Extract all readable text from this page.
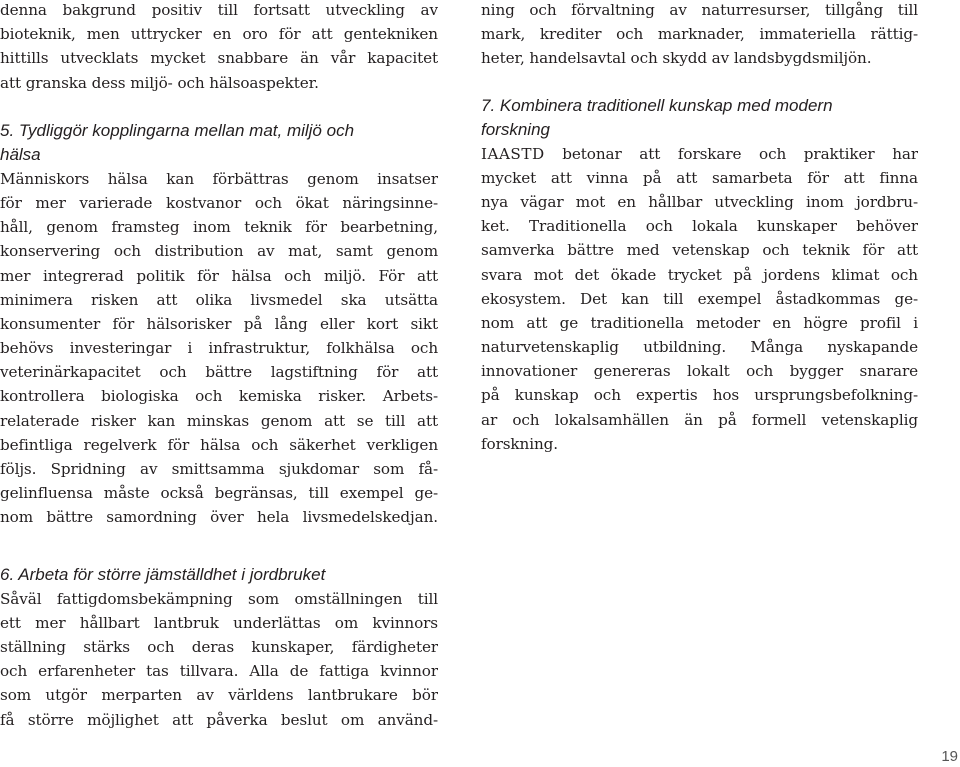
denna bakgrund positiv till fortsatt utveckling av
bioteknik, men uttrycker en oro för att gentekniken
hittills utvecklats mycket snabbare än vår kapacitet
att granska dess miljö- och hälsoaspekter.

5. Tydliggör kopplingarna mellan mat, miljö och
hälsa

Människors hälsa kan förbättras genom insatser
för mer varierade kostvanor och ökat näringsinne-
håll, genom framsteg inom teknik för bearbetning,
konservering och distribution av mat, samt genom
mer integrerad politik för hälsa och miljö. För att
minimera risken att olika livsmedel ska utsätta
konsumenter för hälsorisker på lång eller kort sikt
behövs investeringar i infrastruktur, folkhälsa och
veterinärkapacitet och bättre lagstiftning för att
kontrollera biologiska och kemiska risker. Arbets-
relaterade risker kan minskas genom att se till att
befintliga regelverk för hälsa och säkerhet verkligen
följs. Spridning av smittsamma sjukdomar som få-
gelinfluensa måste också begränsas, till exempel ge-
nom bättre samordning över hela livsmedelskedjan.

6. Arbeta för större jämställdhet i jordbruket

Såväl fattigdomsbekämpning som omställningen till
ett mer hållbart lantbruk underlättas om kvinnors
ställning stärks och deras kunskaper, färdigheter
och erfarenheter tas tillvara. Alla de fattiga kvinnor
som utgör merparten av världens lantbrukare bör
få större möjlighet att påverka beslut om använd-

ning och förvaltning av naturresurser, tillgång till
mark, krediter och marknader, immateriella rättig-
heter, handelsavtal och skydd av landsbygdsmiljön.

7. Kombinera traditionell kunskap med modern
forskning

IAASTD betonar att forskare och praktiker har
mycket att vinna på att samarbeta för att finna
nya vägar mot en hållbar utveckling inom jordbru-
ket. Traditionella och lokala kunskaper behöver
samverka bättre med vetenskap och teknik för att
svara mot det ökade trycket på jordens klimat och
ekosystem. Det kan till exempel åstadkommas ge-
nom att ge traditionella metoder en högre profil i
naturvetenskaplig utbildning. Många nyskapande
innovationer genereras lokalt och bygger snarare
på kunskap och expertis hos ursprungsbefolkning-
ar och lokalsamhällen än på formell vetenskaplig
forskning.

19
